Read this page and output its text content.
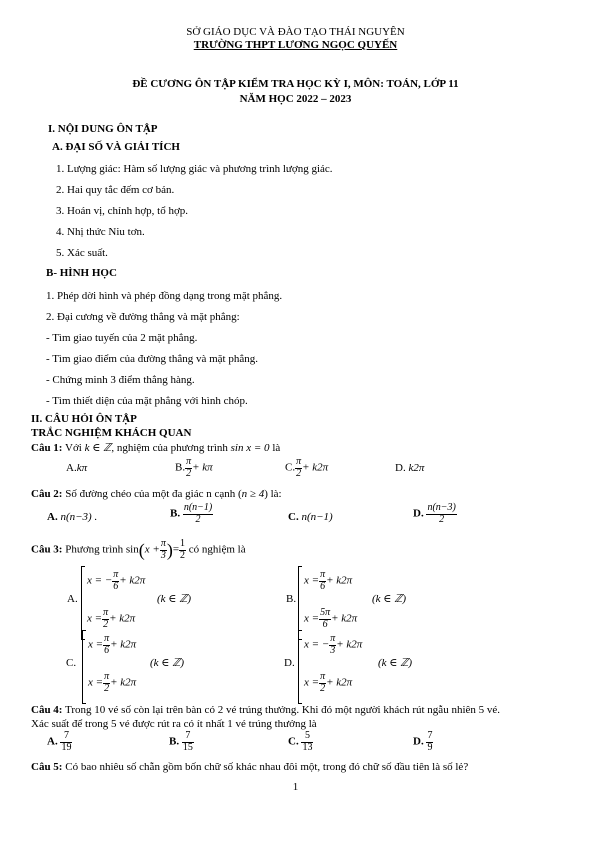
SỞ GIÁO DỤC VÀ ĐÀO TẠO THÁI NGUYÊN
TRƯỜNG THPT LƯƠNG NGỌC QUYẾN
ĐỀ CƯƠNG ÔN TẬP KIỂM TRA HỌC KỲ I, MÔN: TOÁN, LỚP 11
NĂM HỌC 2022 – 2023
I. NỘI DUNG ÔN TẬP
A. ĐẠI SỐ VÀ GIẢI TÍCH
1. Lượng giác: Hàm số lượng giác và phương trình lượng giác.
2. Hai quy tắc đếm cơ bản.
3. Hoán vị, chỉnh hợp, tổ hợp.
4. Nhị thức Niu tơn.
5. Xác suất.
B- HÌNH HỌC
1. Phép dời hình và phép đồng dạng trong mặt phẳng.
2. Đại cương về đường thẳng và mặt phẳng:
- Tìm giao tuyến của 2 mặt phẳng.
- Tìm giao điểm của đường thẳng và mặt phẳng.
- Chứng minh 3 điểm thẳng hàng.
- Tìm thiết diện của mặt phẳng với hình chóp.
II. CÂU HỎI ÔN TẬP
TRẮC NGHIỆM KHÁCH QUAN
Câu 1: Với k ∈ ℤ, nghiệm của phương trình sin x = 0 là
A.kπ	B. $\frac{\pi}{2} + k\pi$	C. $\frac{\pi}{2} + k2\pi$	D. k2π
Câu 2: Số đường chéo của một đa giác n cạnh (n ≥ 4) là:
A. n(n−3) .	B. $\frac{n(n-1)}{2}$	C. n(n−1)	D. $\frac{n(n-3)}{2}$
Câu 3: Phương trình $\sin(x + \frac{\pi}{3}$ )= $\frac{1}{2}$ có nghiệm là
A.
x = − $\frac{\pi}{6} + k2\pi$
$x = \frac{\pi}{2} + k2\pi$
(k ∈ ℤ)	B.
$x = \frac{\pi}{6} + k2\pi$
$x = \frac{5\pi}{6} + k2\pi$
(k ∈ ℤ)
C.
$x = \frac{\pi}{6} + k2\pi$
$x = \frac{\pi}{2} + k2\pi$
(k ∈ ℤ)	D.
x = − $\frac{\pi}{3} + k2\pi$
$x = \frac{\pi}{2} + k2\pi$
(k ∈ ℤ)
Câu 4: Trong 10 vé số còn lại trên bàn có 2 vé trúng thưởng. Khi đó một người khách rút ngẫu nhiên 5 vé.
Xác suất để trong 5 vé được rút ra có ít nhất 1 vé trúng thưởng là
A. $\frac{7}{19}$	B. $\frac{7}{15}$	C. $\frac{5}{13}$	D. $\frac{7}{9}$
Câu 5: Có bao nhiêu số chẵn gồm bốn chữ số khác nhau đôi một, trong đó chữ số đầu tiên là số lẻ?
1
